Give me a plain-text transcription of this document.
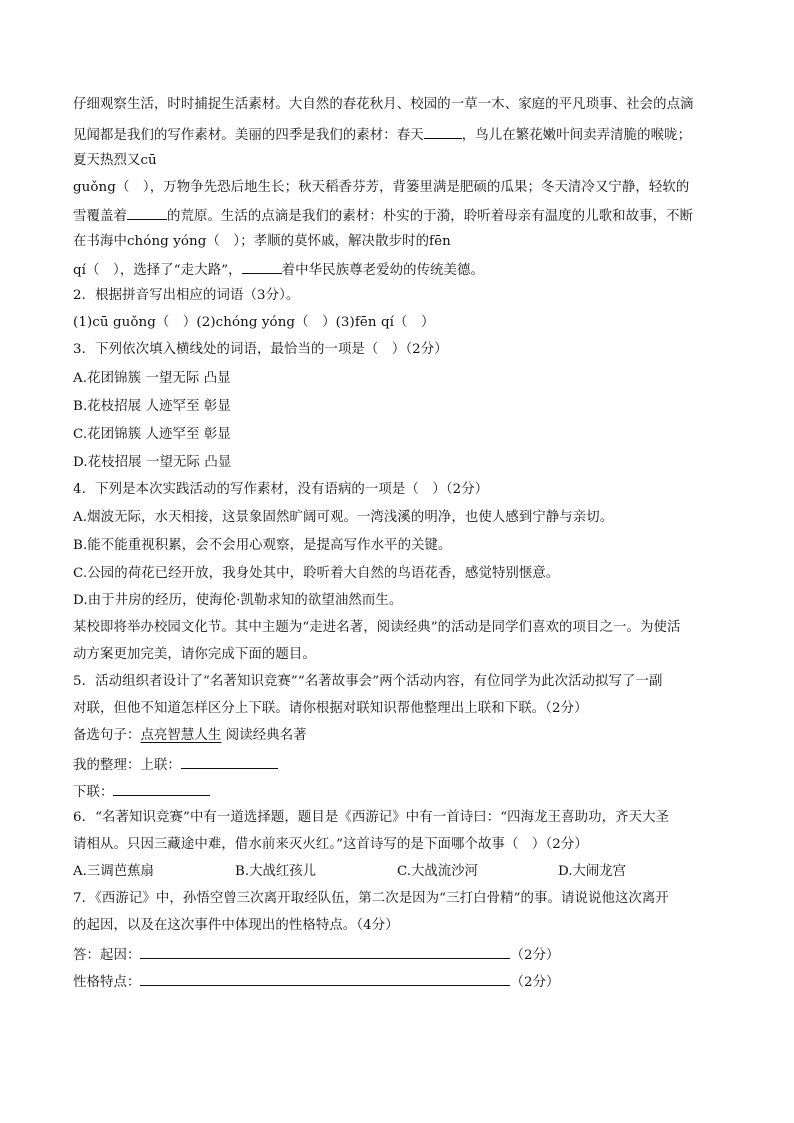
仔细观察生活，时时捕捉生活素材。大自然的春花秋月、校园的一草一木、家庭的平凡琐事、社会的点滴
见闻都是我们的写作素材。美丽的四季是我们的素材：春天	，鸟儿在繁花嫩叶间卖弄清脆的喉咙；
夏天热烈又cū
guǒng（　），万物争先恐后地生长；秋天稻香芬芳，背篓里满是肥硕的瓜果；冬天清冷又宁静，轻软的
雪覆盖着	的荒原。生活的点滴是我们的素材：朴实的于漪，聆听着母亲有温度的儿歌和故事，不断
在书海中chóng yóng（　）；孝顺的莫怀戚，解决散步时的fēn
qí（　），选择了“走大路”，	着中华民族尊老爱幼的传统美德。
2．根据拼音写出相应的词语（3分）。
(1)cū guǒng（　）(2)chóng yóng（　）(3)fēn qí（　）
3．下列依次填入横线处的词语，最恰当的一项是（　）（2分）
A.花团锦簇 一望无际 凸显
B.花枝招展 人迹罕至 彰显
C.花团锦簇 人迹罕至 彰显
D.花枝招展 一望无际 凸显
4．下列是本次实践活动的写作素材，没有语病的一项是（　）（2分）
A.烟波无际，水天相接，这景象固然旷阔可观。一湾浅溪的明净，也使人感到宁静与亲切。
B.能不能重视积累，会不会用心观察，是提高写作水平的关键。
C.公园的荷花已经开放，我身处其中，聆听着大自然的鸟语花香，感觉特别惬意。
D.由于井房的经历，使海伦·凯勒求知的欲望油然而生。
某校即将举办校园文化节。其中主题为“走进名著，阅读经典”的活动是同学们喜欢的项目之一。为使活
动方案更加完美，请你完成下面的题目。
5．活动组织者设计了“名著知识竞赛”“名著故事会”两个活动内容，有位同学为此次活动拟写了一副
对联，但他不知道怎样区分上下联。请你根据对联知识帮他整理出上联和下联。（2分）
备选句子：点亮智慧人生 阅读经典名著
我的整理：上联：
下联：
6．“名著知识竞赛”中有一道选择题，题目是《西游记》中有一首诗曰：“四海龙王喜助功，齐天大圣
请相从。只因三藏途中难，借水前来灭火红。”这首诗写的是下面哪个故事（　）（2分）
A.三调芭蕉扇	B.大战红孩儿	C.大战流沙河	D.大闹龙宫
7．《西游记》中，孙悟空曾三次离开取经队伍，第二次是因为“三打白骨精”的事。请说说他这次离开
的起因，以及在这次事件中体现出的性格特点。（4分）
答：起因：	（2分）
性格特点：	（2分）
